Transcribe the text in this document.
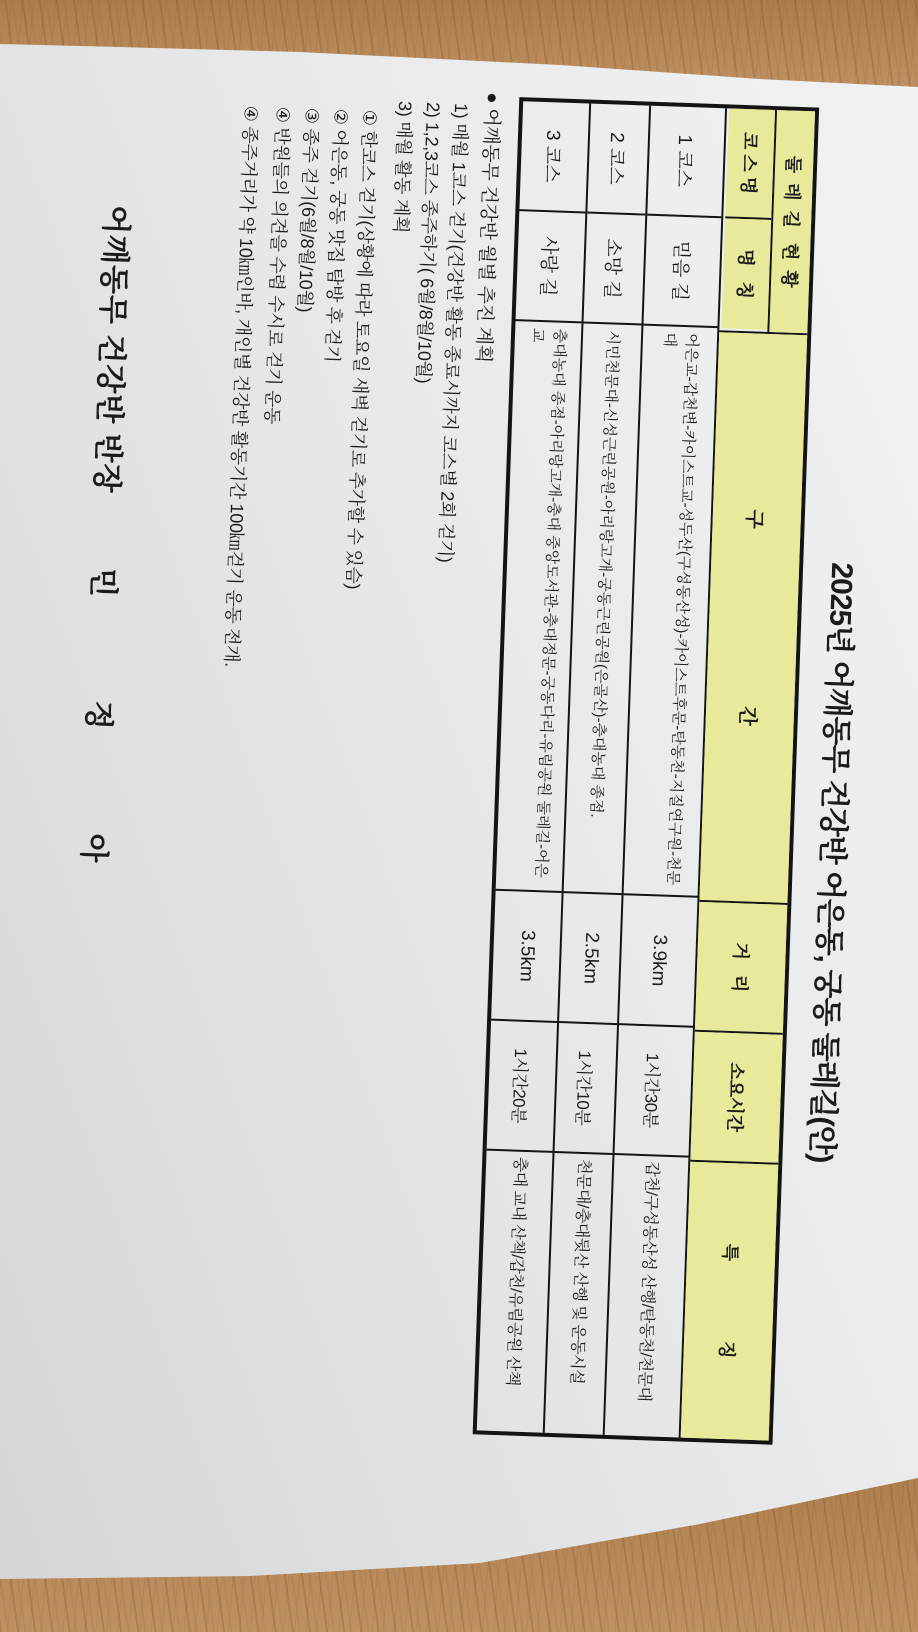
2025년 어깨동무 건강반 어은동, 궁동 둘레길(안)
둘  레  길   현  황
코 스 명
명   칭
구                                간
거   리
소요시간
특                징
1 코스
믿음 길
어은교-갑천변-카이스트교-성두산(구성동산성)-카이스트후문-탄동천-지질연구원-천문대
3.9km
1시간30분
갑천/구성동산성 산행/탄동천/천문대
2 코스
소망 길
시민천문대-신성근린공원-아리랑고개-궁동근린공원(은골산)-충대농대 종점.
2.5km
1시간10분
천문대/충대뒷산 산행 및 운동시설
3 코스
사랑 길
충대농대 종점-아리랑고개-충대 중앙도서관-충대정문-궁동다리-유림공원 둘레길-어은교
3.5km
1시간20분
충대 교내 산책/갑천/유림공원 산책
● 어깨동무 건강반 월별 추진 계획
1) 매월 1코스 걷기(건강반 활동 종료시까지 코스별 2회 걷기)
2) 1,2,3코스 종주하기( 6월/8월/10월)
3) 매월 활동 계획
① 한코스 걷기(상황에 따라 토요일 새벽 걷기로 추가할 수 있슴)
② 어은동, 궁동 맛집 탐방 후 걷기
③ 종주 걷기(6월/8월/10월)
④ 반원들의 의견을 수렴 수시로 걷기 운동
④ 종주거리가 약 10㎞인바, 개인별 건강반 활동기간 100㎞걷기 운동 전개.
어깨동무 건강반 반장        민           정           아
